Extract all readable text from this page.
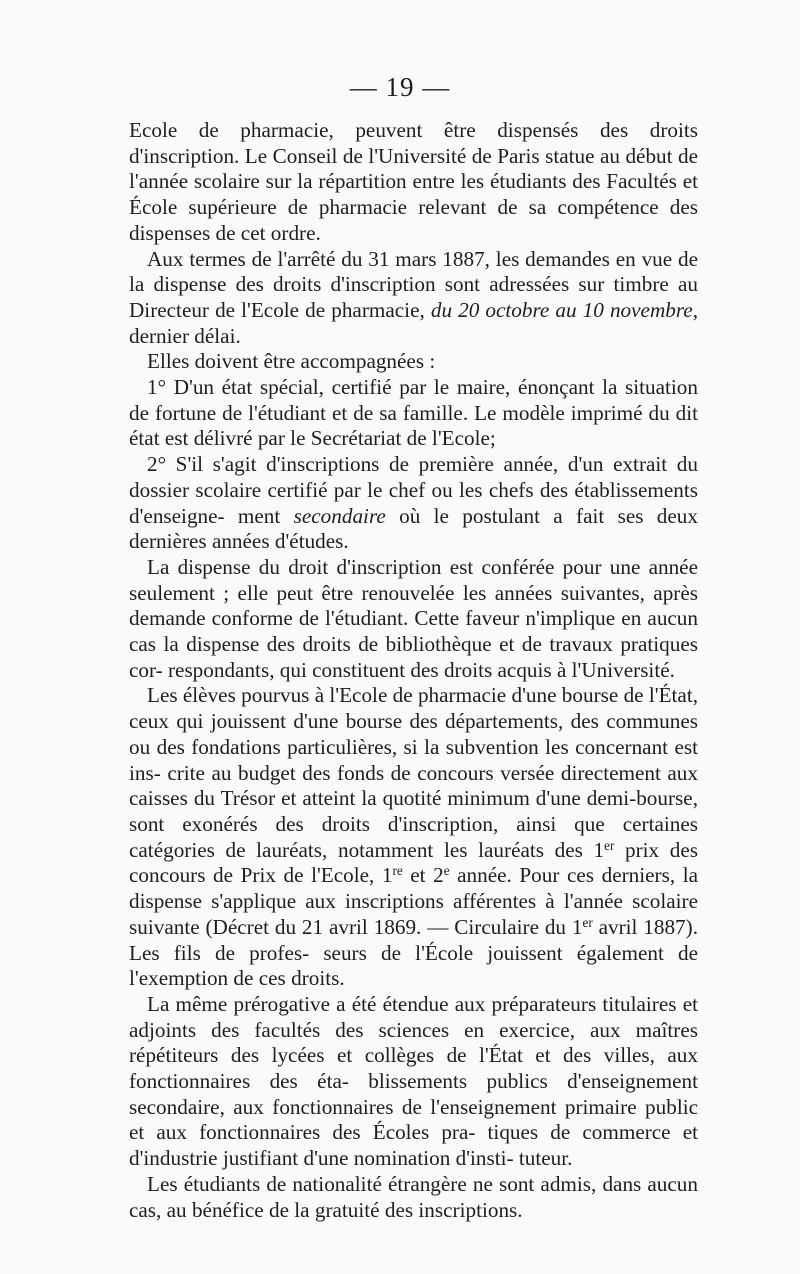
— 19 —

Ecole de pharmacie, peuvent être dispensés des droits d'inscription. Le Conseil de l'Université de Paris statue au début de l'année scolaire sur la répartition entre les étudiants des Facultés et École supérieure de pharmacie relevant de sa compétence des dispenses de cet ordre.

Aux termes de l'arrêté du 31 mars 1887, les demandes en vue de la dispense des droits d'inscription sont adressées sur timbre au Directeur de l'Ecole de pharmacie, du 20 octobre au 10 novembre, dernier délai.

Elles doivent être accompagnées :

1° D'un état spécial, certifié par le maire, énonçant la situation de fortune de l'étudiant et de sa famille. Le modèle imprimé du dit état est délivré par le Secrétariat de l'Ecole;

2° S'il s'agit d'inscriptions de première année, d'un extrait du dossier scolaire certifié par le chef ou les chefs des établissements d'enseigne- ment secondaire où le postulant a fait ses deux dernières années d'études.

La dispense du droit d'inscription est conférée pour une année seulement ; elle peut être renouvelée les années suivantes, après demande conforme de l'étudiant. Cette faveur n'implique en aucun cas la dispense des droits de bibliothèque et de travaux pratiques cor- respondants, qui constituent des droits acquis à l'Université.

Les élèves pourvus à l'Ecole de pharmacie d'une bourse de l'État, ceux qui jouissent d'une bourse des départements, des communes ou des fondations particulières, si la subvention les concernant est ins- crite au budget des fonds de concours versée directement aux caisses du Trésor et atteint la quotité minimum d'une demi-bourse, sont exonérés des droits d'inscription, ainsi que certaines catégories de lauréats, notamment les lauréats des 1er prix des concours de Prix de l'Ecole, 1re et 2e année. Pour ces derniers, la dispense s'applique aux inscriptions afférentes à l'année scolaire suivante (Décret du 21 avril 1869. — Circulaire du 1er avril 1887). Les fils de profes- seurs de l'École jouissent également de l'exemption de ces droits.

La même prérogative a été étendue aux préparateurs titulaires et adjoints des facultés des sciences en exercice, aux maîtres répétiteurs des lycées et collèges de l'État et des villes, aux fonctionnaires des éta- blissements publics d'enseignement secondaire, aux fonctionnaires de l'enseignement primaire public et aux fonctionnaires des Écoles pra- tiques de commerce et d'industrie justifiant d'une nomination d'insti- tuteur.

Les étudiants de nationalité étrangère ne sont admis, dans aucun cas, au bénéfice de la gratuité des inscriptions.
